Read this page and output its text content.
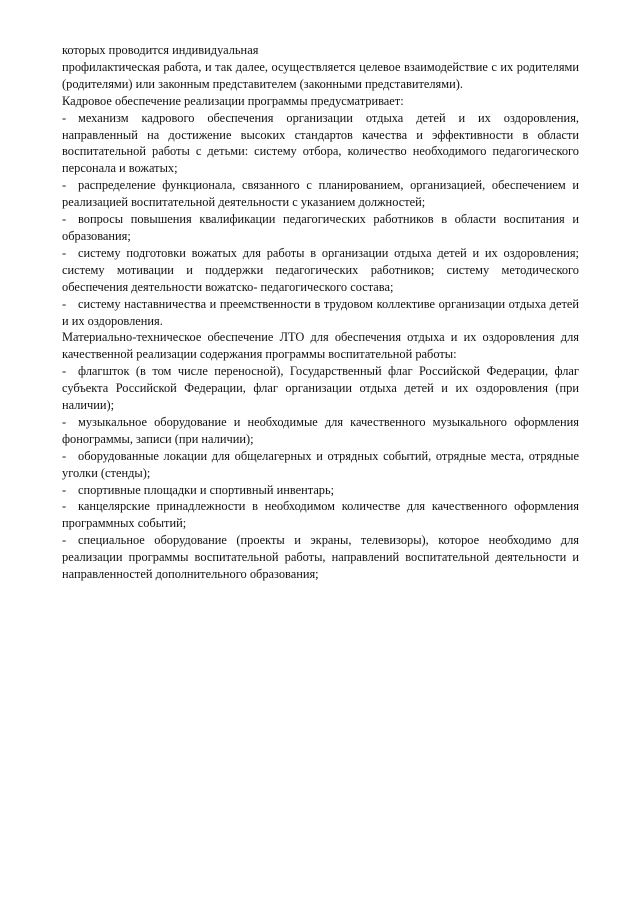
которых проводится индивидуальная

профилактическая работа, и так далее, осуществляется целевое взаимодействие с их родителями (родителями) или законным представителем (законными представителями).

Кадровое обеспечение реализации программы предусматривает:

- механизм кадрового обеспечения организации отдыха детей и их оздоровления, направленный на достижение высоких стандартов качества и эффективности в области воспитательной работы с детьми: систему отбора, количество необходимого педагогического персонала и вожатых;

- распределение функционала, связанного с планированием, организацией, обеспечением и реализацией воспитательной деятельности с указанием должностей;

- вопросы повышения квалификации педагогических работников в области воспитания и образования;

- систему подготовки вожатых для работы в организации отдыха детей и их оздоровления; систему мотивации и поддержки педагогических работников; систему методического обеспечения деятельности вожатско- педагогического состава;

- систему наставничества и преемственности в трудовом коллективе организации отдыха детей и их оздоровления.

Материально-техническое обеспечение ЛТО для обеспечения отдыха и их оздоровления для качественной реализации содержания программы воспитательной работы:

- флагшток (в том числе переносной), Государственный флаг Российской Федерации, флаг субъекта Российской Федерации, флаг организации отдыха детей и их оздоровления (при наличии);

- музыкальное оборудование и необходимые для качественного музыкального оформления фонограммы, записи (при наличии);

- оборудованные локации для общелагерных и отрядных событий, отрядные места, отрядные уголки (стенды);

- спортивные площадки и спортивный инвентарь;

- канцелярские принадлежности в необходимом количестве для качественного оформления программных событий;

- специальное оборудование (проекты и экраны, телевизоры), которое необходимо для реализации программы воспитательной работы, направлений воспитательной деятельности и направленностей дополнительного образования;
